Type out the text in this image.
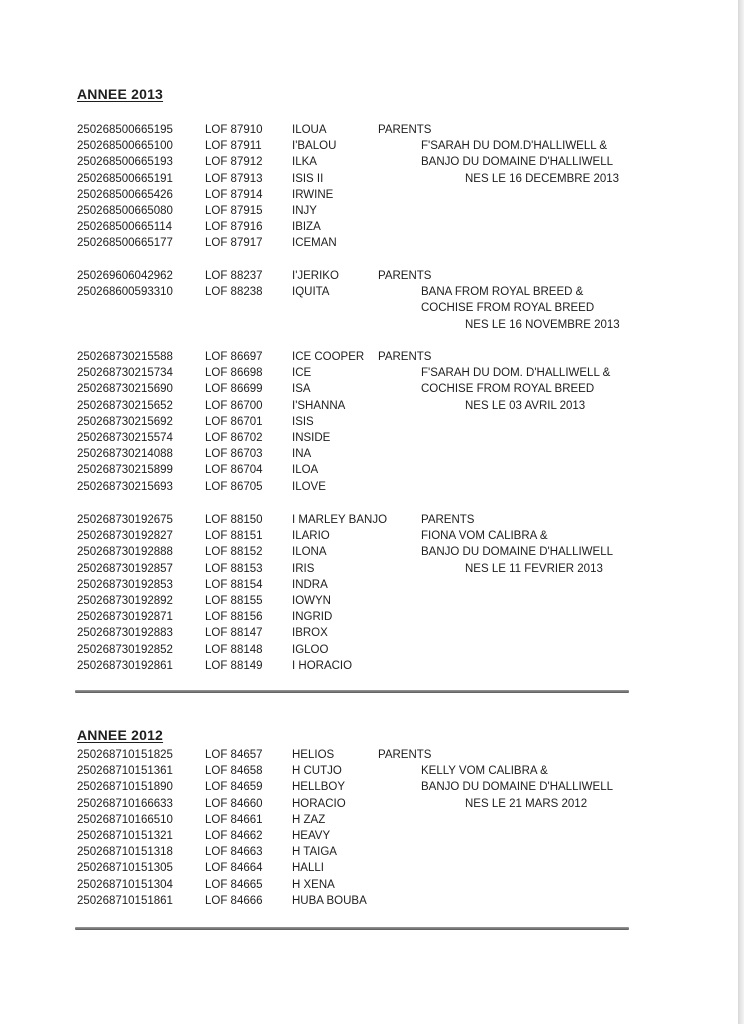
ANNEE 2013
250268500665195	LOF 87910	ILOUA
250268500665100	LOF 87911	I'BALOU
250268500665193	LOF 87912	ILKA
250268500665191	LOF 87913	ISIS II
250268500665426	LOF 87914	IRWINE
250268500665080	LOF 87915	INJY
250268500665114	LOF 87916	IBIZA
250268500665177	LOF 87917	ICEMAN
PARENTS
F'SARAH DU DOM.D'HALLIWELL &
BANJO DU DOMAINE D'HALLIWELL
NES LE 16 DECEMBRE 2013
250269606042962	LOF 88237	I'JERIKO
250268600593310	LOF 88238	IQUITA
PARENTS
BANA FROM ROYAL BREED &
COCHISE FROM ROYAL BREED
NES LE 16 NOVEMBRE 2013
250268730215588	LOF 86697	ICE COOPER
250268730215734	LOF 86698	ICE
250268730215690	LOF 86699	ISA
250268730215652	LOF 86700	I'SHANNA
250268730215692	LOF 86701	ISIS
250268730215574	LOF 86702	INSIDE
250268730214088	LOF 86703	INA
250268730215899	LOF 86704	ILOA
250268730215693	LOF 86705	ILOVE
PARENTS
F'SARAH DU DOM. D'HALLIWELL &
COCHISE FROM ROYAL BREED
NES LE 03 AVRIL 2013
250268730192675	LOF 88150	I MARLEY BANJO
250268730192827	LOF 88151	ILARIO
250268730192888	LOF 88152	ILONA
250268730192857	LOF 88153	IRIS
250268730192853	LOF 88154	INDRA
250268730192892	LOF 88155	IOWYN
250268730192871	LOF 88156	INGRID
250268730192883	LOF 88147	IBROX
250268730192852	LOF 88148	IGLOO
250268730192861	LOF 88149	I HORACIO
PARENTS
FIONA VOM CALIBRA &
BANJO DU DOMAINE D'HALLIWELL
NES LE 11 FEVRIER 2013
ANNEE 2012
250268710151825	LOF 84657	HELIOS
250268710151361	LOF 84658	H CUTJO
250268710151890	LOF 84659	HELLBOY
250268710166633	LOF 84660	HORACIO
250268710166510	LOF 84661	H ZAZ
250268710151321	LOF 84662	HEAVY
250268710151318	LOF 84663	H TAIGA
250268710151305	LOF 84664	HALLI
250268710151304	LOF 84665	H XENA
250268710151861	LOF 84666	HUBA BOUBA
PARENTS
KELLY VOM CALIBRA &
BANJO DU DOMAINE D'HALLIWELL
NES LE 21 MARS 2012
